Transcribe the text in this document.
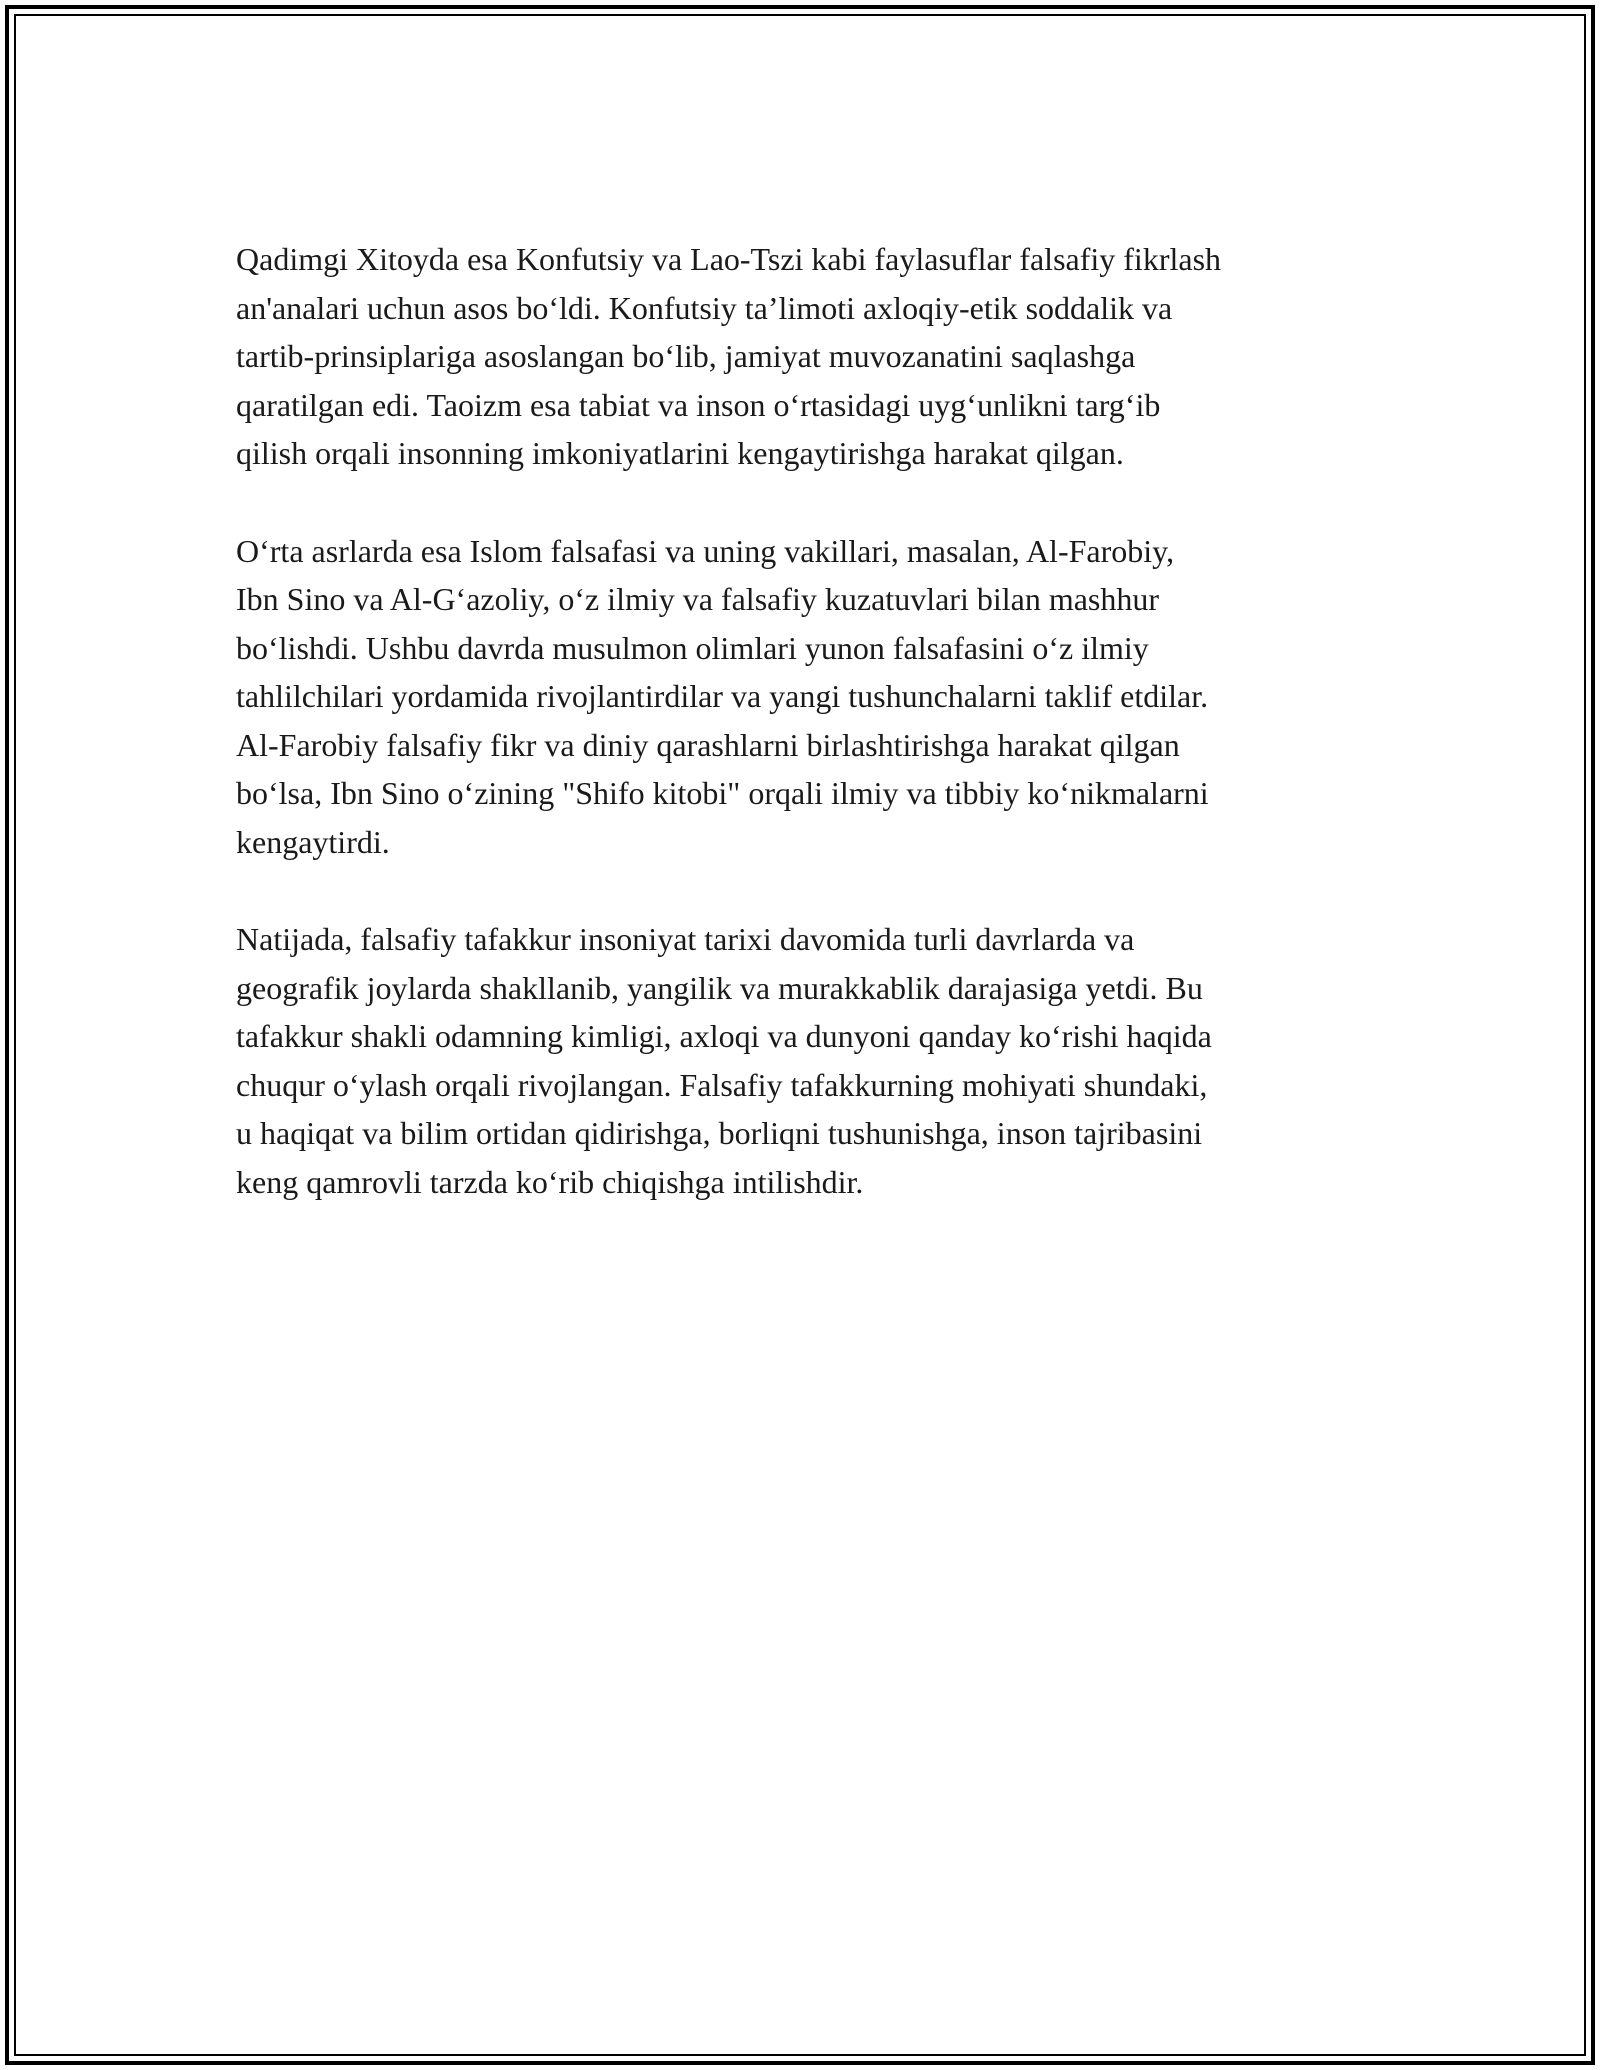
Qadimgi Xitoyda esa Konfutsiy va Lao-Tszi kabi faylasuflar falsafiy fikrlash
an'analari uchun asos bo‘ldi. Konfutsiy ta’limoti axloqiy-etik soddalik va
tartib-prinsiplariga asoslangan bo‘lib, jamiyat muvozanatini saqlashga
qaratilgan edi. Taoizm esa tabiat va inson o‘rtasidagi uyg‘unlikni targ‘ib
qilish orqali insonning imkoniyatlarini kengaytirishga harakat qilgan.

O‘rta asrlarda esa Islom falsafasi va uning vakillari, masalan, Al-Farobiy,
Ibn Sino va Al-G‘azoliy, o‘z ilmiy va falsafiy kuzatuvlari bilan mashhur
bo‘lishdi. Ushbu davrda musulmon olimlari yunon falsafasini o‘z ilmiy
tahlilchilari yordamida rivojlantirdilar va yangi tushunchalarni taklif etdilar.
Al-Farobiy falsafiy fikr va diniy qarashlarni birlashtirishga harakat qilgan
bo‘lsa, Ibn Sino o‘zining "Shifo kitobi" orqali ilmiy va tibbiy ko‘nikmalarni
kengaytirdi.

Natijada, falsafiy tafakkur insoniyat tarixi davomida turli davrlarda va
geografik joylarda shakllanib, yangilik va murakkablik darajasiga yetdi. Bu
tafakkur shakli odamning kimligi, axloqi va dunyoni qanday ko‘rishi haqida
chuqur o‘ylash orqali rivojlangan. Falsafiy tafakkurning mohiyati shundaki,
u haqiqat va bilim ortidan qidirishga, borliqni tushunishga, inson tajribasini
keng qamrovli tarzda ko‘rib chiqishga intilishdir.
